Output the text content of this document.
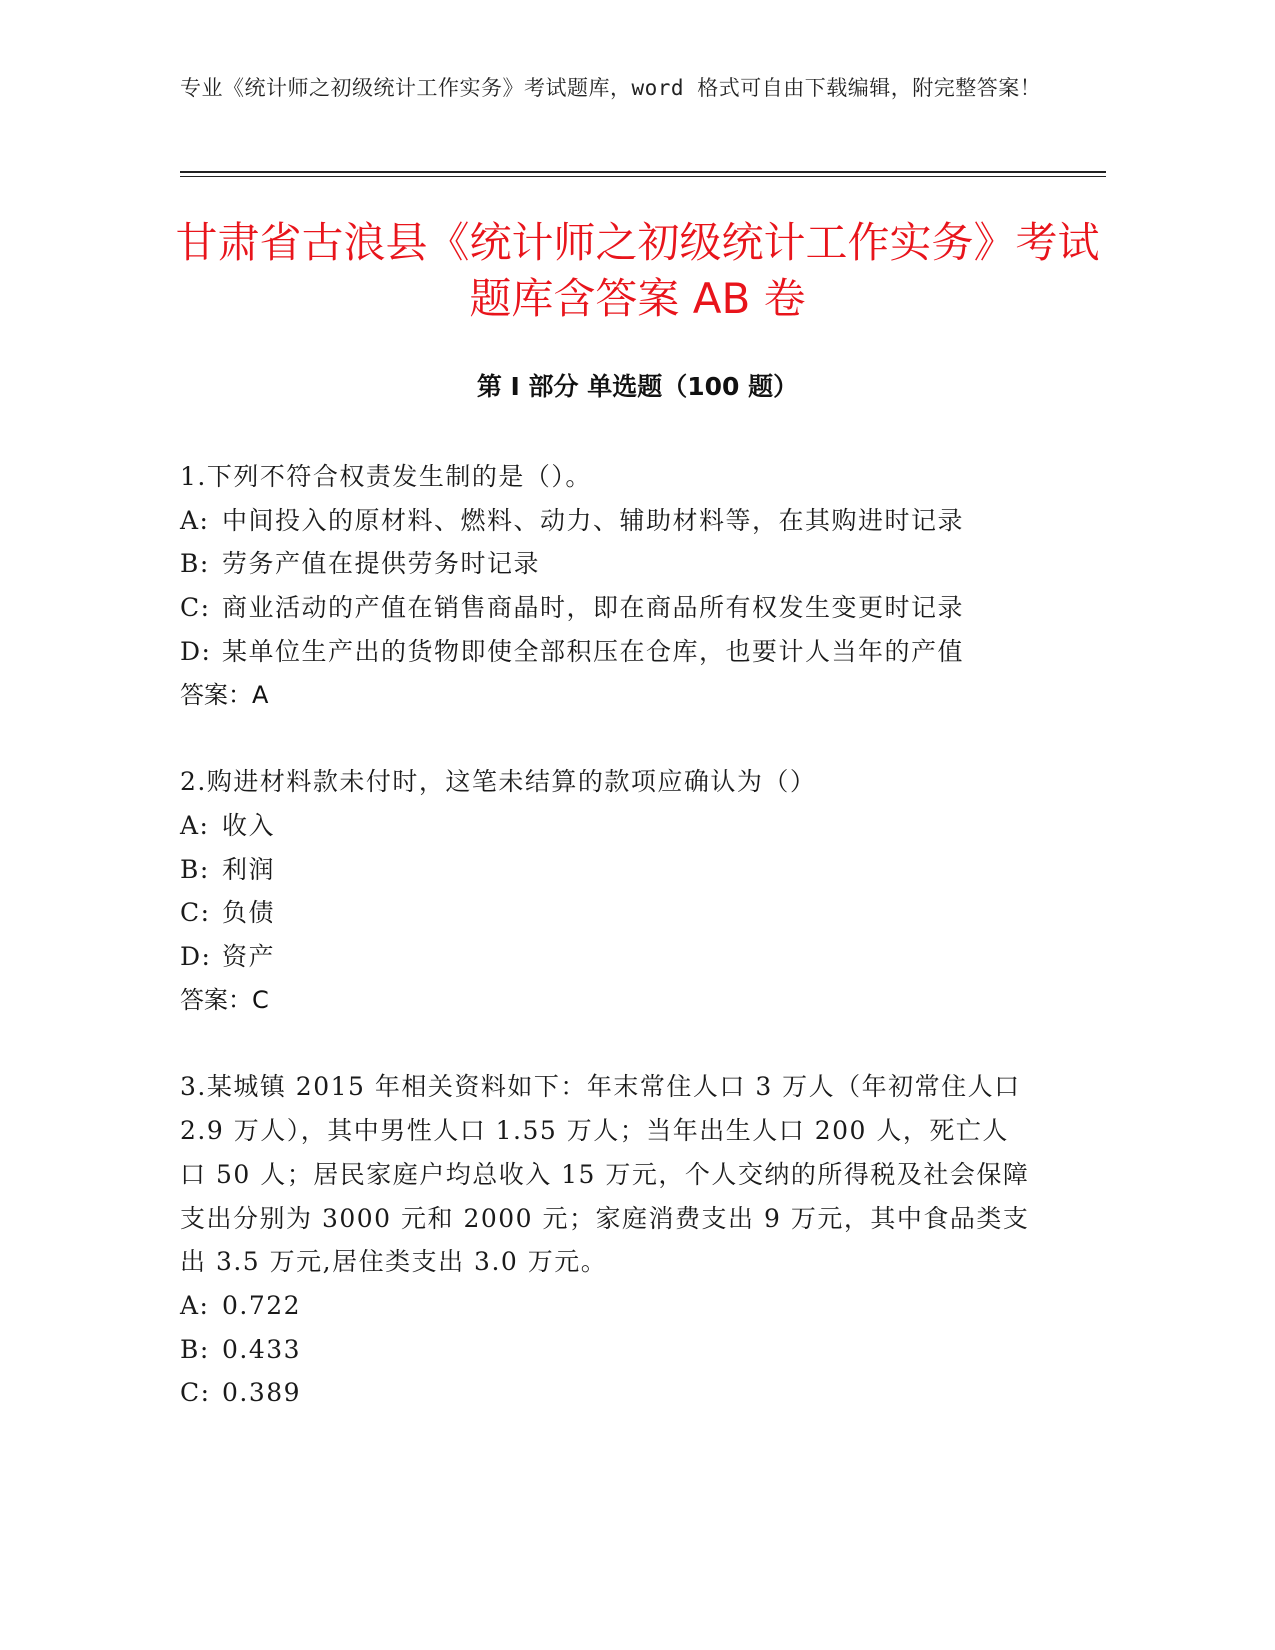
专业《统计师之初级统计工作实务》考试题库，word 格式可自由下载编辑，附完整答案！
甘肃省古浪县《统计师之初级统计工作实务》考试题库含答案 AB 卷
第 I 部分 单选题（100 题）
1.下列不符合权责发生制的是（）。
A: 中间投入的原材料、燃料、动力、辅助材料等，在其购进时记录
B: 劳务产值在提供劳务时记录
C: 商业活动的产值在销售商晶时，即在商品所有权发生变更时记录
D: 某单位生产出的货物即使全部积压在仓库，也要计人当年的产值
答案：A
2.购进材料款未付时，这笔未结算的款项应确认为（）
A: 收入
B: 利润
C: 负债
D: 资产
答案：C
3.某城镇 2015 年相关资料如下：年末常住人口 3 万人（年初常住人口 2.9 万人），其中男性人口 1.55 万人；当年出生人口 200 人，死亡人口 50 人；居民家庭户均总收入 15 万元，个人交纳的所得税及社会保障支出分别为 3000 元和 2000 元；家庭消费支出 9 万元，其中食品类支出 3.5 万元,居住类支出 3.0 万元。
A: 0.722
B: 0.433
C: 0.389
